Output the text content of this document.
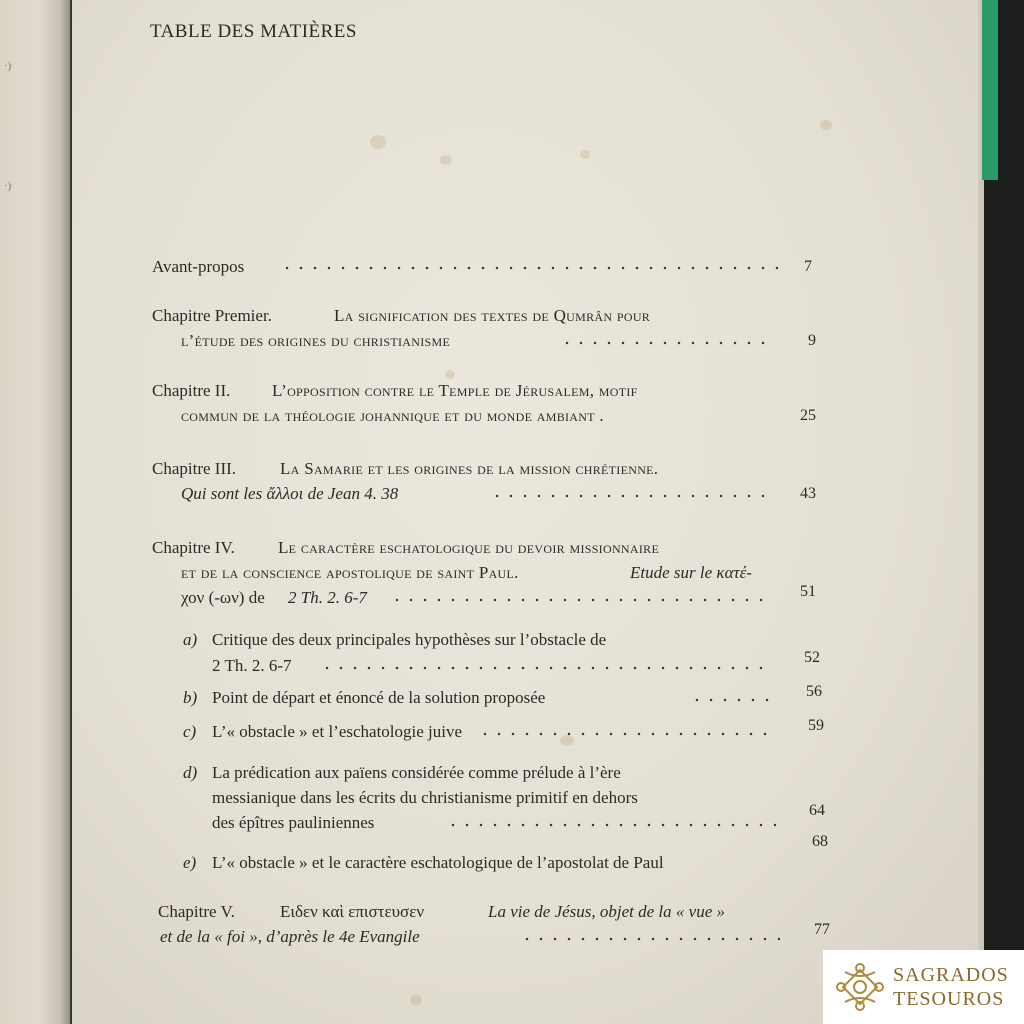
·)
·)
TABLE DES MATIÈRES
Avant-propos	7
Chapitre Premier.	La signification des textes de Qumrân pour
l’étude des origines du christianisme	9
Chapitre II. L’opposition contre le Temple de Jérusalem, motif
commun de la théologie johannique et du monde ambiant .	25
Chapitre III.	La Samarie et les origines de la mission chrétienne.
Qui sont les ἄλλοι de Jean 4. 38	43
Chapitre IV.	Le caractère eschatologique du devoir missionnaire
et de la conscience apostolique de saint Paul.	Etude sur le κατέ-
χον (-ων) de 2 Th. 2. 6-7	51
a) Critique des deux principales hypothèses sur l’obstacle de
2 Th. 2. 6-7	52
b) Point de départ et énoncé de la solution proposée	56
c) L’« obstacle » et l’eschatologie juive	59
d) La prédication aux païens considérée comme prélude à l’ère
messianique dans les écrits du christianisme primitif en dehors
des épîtres pauliniennes
64
e) L’« obstacle » et le caractère eschatologique de l’apostolat de Paul
68
Chapitre V.	Ειδεν καὶ επιστευσεν	La vie de Jésus, objet de la « vue »
et de la « foi », d’après le 4e Evangile	77
SAGRADOS
TESOUROS
